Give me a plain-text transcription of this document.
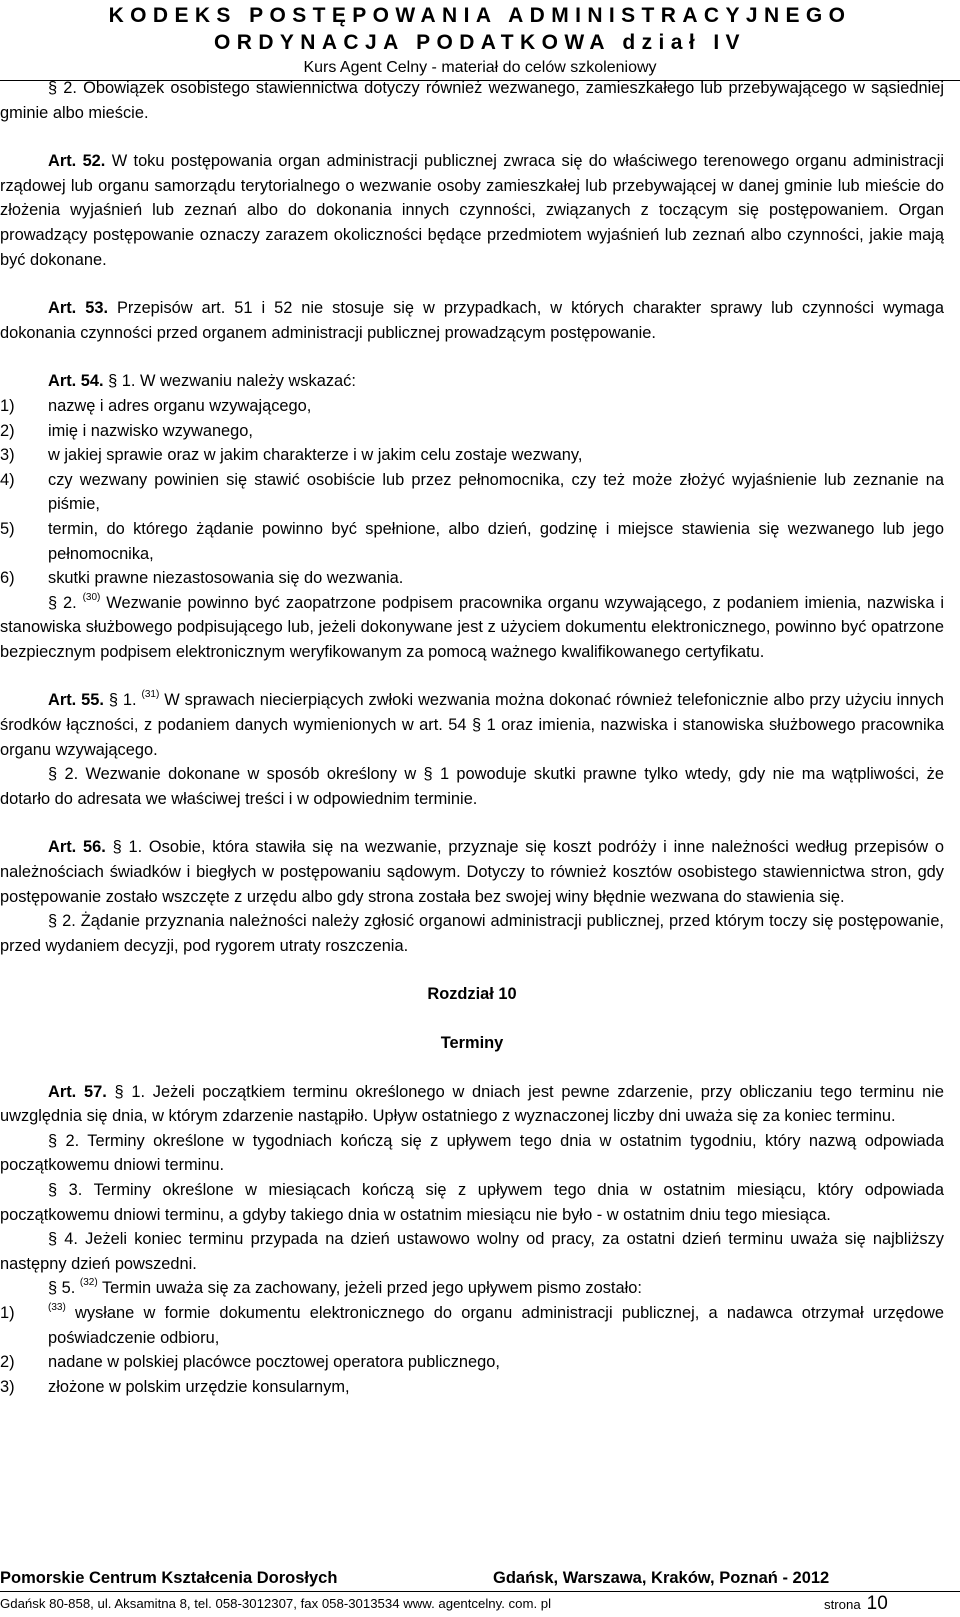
KODEKS POSTĘPOWANIA ADMINISTRACYJNEGO
ORDYNACJA PODATKOWA dział IV
Kurs Agent Celny - materiał do celów szkoleniowy

§ 2. Obowiązek osobistego stawiennictwa dotyczy również wezwanego, zamieszkałego lub przebywającego w sąsiedniej gminie albo mieście.

Art. 52. W toku postępowania organ administracji publicznej zwraca się do właściwego terenowego organu administracji rządowej lub organu samorządu terytorialnego o wezwanie osoby zamieszkałej lub przebywającej w danej gminie lub mieście do złożenia wyjaśnień lub zeznań albo do dokonania innych czynności, związanych z toczącym się postępowaniem. Organ prowadzący postępowanie oznaczy zarazem okoliczności będące przedmiotem wyjaśnień lub zeznań albo czynności, jakie mają być dokonane.

Art. 53. Przepisów art. 51 i 52 nie stosuje się w przypadkach, w których charakter sprawy lub czynności wymaga dokonania czynności przed organem administracji publicznej prowadzącym postępowanie.

Art. 54. § 1. W wezwaniu należy wskazać:

1) nazwę i adres organu wzywającego,
2) imię i nazwisko wzywanego,
3) w jakiej sprawie oraz w jakim charakterze i w jakim celu zostaje wezwany,
4) czy wezwany powinien się stawić osobiście lub przez pełnomocnika, czy też może złożyć wyjaśnienie lub zeznanie na piśmie,
5) termin, do którego żądanie powinno być spełnione, albo dzień, godzinę i miejsce stawienia się wezwanego lub jego pełnomocnika,
6) skutki prawne niezastosowania się do wezwania.

§ 2. $^{(30)}$ Wezwanie powinno być zaopatrzone podpisem pracownika organu wzywającego, z podaniem imienia, nazwiska i stanowiska służbowego podpisującego lub, jeżeli dokonywane jest z użyciem dokumentu elektronicznego, powinno być opatrzone bezpiecznym podpisem elektronicznym weryfikowanym za pomocą ważnego kwalifikowanego certyfikatu.

Art. 55. § 1. $^{(31)}$ W sprawach niecierpiących zwłoki wezwania można dokonać również telefonicznie albo przy użyciu innych środków łączności, z podaniem danych wymienionych w art. 54 § 1 oraz imienia, nazwiska i stanowiska służbowego pracownika organu wzywającego.

§ 2. Wezwanie dokonane w sposób określony w § 1 powoduje skutki prawne tylko wtedy, gdy nie ma wątpliwości, że dotarło do adresata we właściwej treści i w odpowiednim terminie.

Art. 56. § 1. Osobie, która stawiła się na wezwanie, przyznaje się koszt podróży i inne należności według przepisów o należnościach świadków i biegłych w postępowaniu sądowym. Dotyczy to również kosztów osobistego stawiennictwa stron, gdy postępowanie zostało wszczęte z urzędu albo gdy strona została bez swojej winy błędnie wezwana do stawienia się.

§ 2. Żądanie przyznania należności należy zgłosić organowi administracji publicznej, przed którym toczy się postępowanie, przed wydaniem decyzji, pod rygorem utraty roszczenia.

Rozdział 10

Terminy

Art. 57. § 1. Jeżeli początkiem terminu określonego w dniach jest pewne zdarzenie, przy obliczaniu tego terminu nie uwzględnia się dnia, w którym zdarzenie nastąpiło. Upływ ostatniego z wyznaczonej liczby dni uważa się za koniec terminu.

§ 2. Terminy określone w tygodniach kończą się z upływem tego dnia w ostatnim tygodniu, który nazwą odpowiada początkowemu dniowi terminu.

§ 3. Terminy określone w miesiącach kończą się z upływem tego dnia w ostatnim miesiącu, który odpowiada początkowemu dniowi terminu, a gdyby takiego dnia w ostatnim miesiącu nie było - w ostatnim dniu tego miesiąca.

§ 4. Jeżeli koniec terminu przypada na dzień ustawowo wolny od pracy, za ostatni dzień terminu uważa się najbliższy następny dzień powszedni.

§ 5. $^{(32)}$ Termin uważa się za zachowany, jeżeli przed jego upływem pismo zostało:

1)	$^{(33)}$ wysłane w formie dokumentu elektronicznego do organu administracji publicznej, a nadawca otrzymał urzędowe poświadczenie odbioru,
2) nadane w polskiej placówce pocztowej operatora publicznego,
3) złożone w polskim urzędzie konsularnym,
Pomorskie Centrum Kształcenia Dorosłych	Gdańsk, Warszawa, Kraków, Poznań - 2012
Gdańsk 80-858, ul. Aksamitna 8, tel. 058-3012307, fax 058-3013534 www. agentcelny. com. pl	strona 10
